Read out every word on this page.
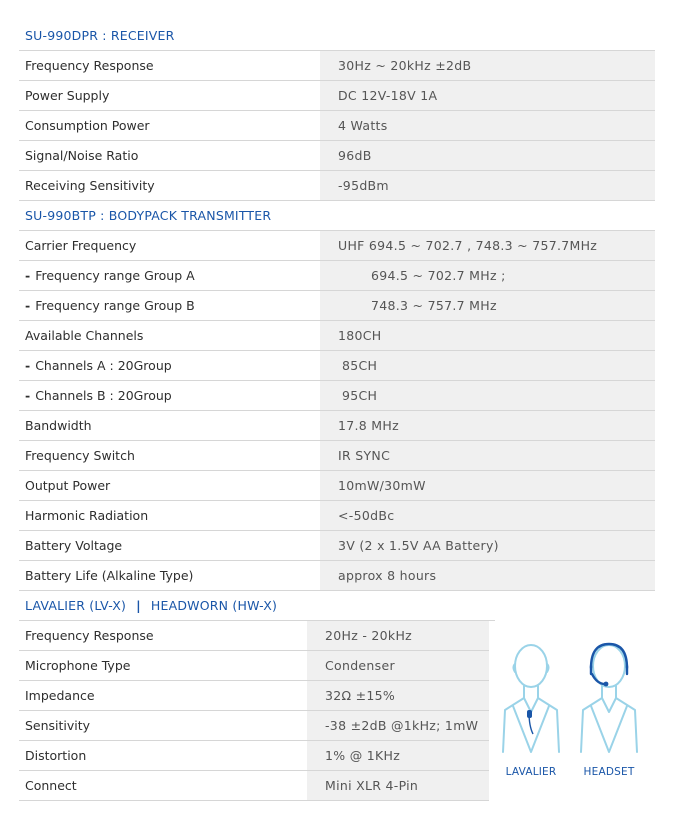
SU-990DPR : RECEIVER
Frequency Response	30Hz ~ 20kHz ±2dB
Power Supply	DC 12V-18V 1A
Consumption Power	4 Watts
Signal/Noise Ratio	96dB
Receiving Sensitivity	-95dBm
SU-990BTP : BODYPACK TRANSMITTER
Carrier Frequency	UHF 694.5 ~ 702.7 , 748.3 ~ 757.7MHz
- Frequency range Group A	694.5 ~ 702.7 MHz ;
- Frequency range Group B	748.3 ~ 757.7 MHz
Available Channels	180CH
- Channels A : 20Group	85CH
- Channels B : 20Group	95CH
Bandwidth	17.8 MHz
Frequency Switch	IR SYNC
Output Power	10mW/30mW
Harmonic Radiation	<-50dBc
Battery Voltage	3V (2 x 1.5V AA Battery)
Battery Life (Alkaline Type)	approx 8 hours
LAVALIER (LV-X) | HEADWORN (HW-X)
Frequency Response	20Hz - 20kHz
Microphone Type	Condenser
Impedance	32Ω ±15%
Sensitivity	-38 ±2dB @1kHz; 1mW
Distortion	1% @ 1KHz
Connect	Mini XLR 4-Pin
LAVALIER	HEADSET
